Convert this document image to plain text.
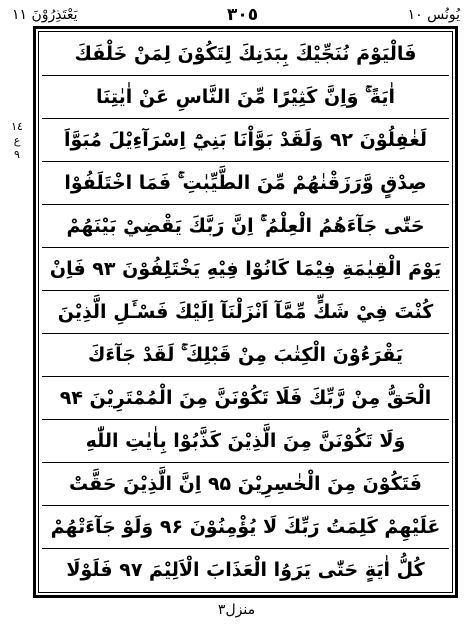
يَعْتَذِرُوْنَ ١١	٣٠٥	يُونُس ١٠
١٤
ع
٩
فَالْيَوْمَ نُنَجِّيْكَ بِبَدَنِكَ لِتَكُوْنَ لِمَنْ خَلْفَكَ
اٰيَةً ۚ وَاِنَّ كَثِيْرًا مِّنَ النَّاسِ عَنْ اٰيٰتِنَا
لَغٰفِلُوْنَ ۹۲ وَلَقَدْ بَوَّاْنَا بَنِيْٓ اِسْرَآءِيْلَ مُبَوَّاَ
صِدْقٍ وَّرَزَقْنٰهُمْ مِّنَ الطَّيِّبٰتِ ۚ فَمَا اخْتَلَفُوْا
حَتّٰى جَآءَهُمُ الْعِلْمُ ۚ اِنَّ رَبَّكَ يَقْضِيْ بَيْنَهُمْ
يَوْمَ الْقِيٰمَةِ فِيْمَا كَانُوْا فِيْهِ يَخْتَلِفُوْنَ ۹۳ فَاِنْ
كُنْتَ فِيْ شَكٍّ مِّمَّآ اَنْزَلْنَآ اِلَيْكَ فَسْـَٔلِ الَّذِيْنَ
يَقْرَءُوْنَ الْكِتٰبَ مِنْ قَبْلِكَ ۚ لَقَدْ جَآءَكَ
الْحَقُّ مِنْ رَّبِّكَ فَلَا تَكُوْنَنَّ مِنَ الْمُمْتَرِيْنَ ۹۴
وَلَا تَكُوْنَنَّ مِنَ الَّذِيْنَ كَذَّبُوْا بِاٰيٰتِ اللّٰهِ
فَتَكُوْنَ مِنَ الْخٰسِرِيْنَ ۹۵ اِنَّ الَّذِيْنَ حَقَّتْ
عَلَيْهِمْ كَلِمَتُ رَبِّكَ لَا يُؤْمِنُوْنَ ۹۶ وَلَوْ جَآءَتْهُمْ
كُلُّ اٰيَةٍ حَتّٰى يَرَوُا الْعَذَابَ الْاَلِيْمَ ۹۷ فَلَوْلَا
منزل٣
